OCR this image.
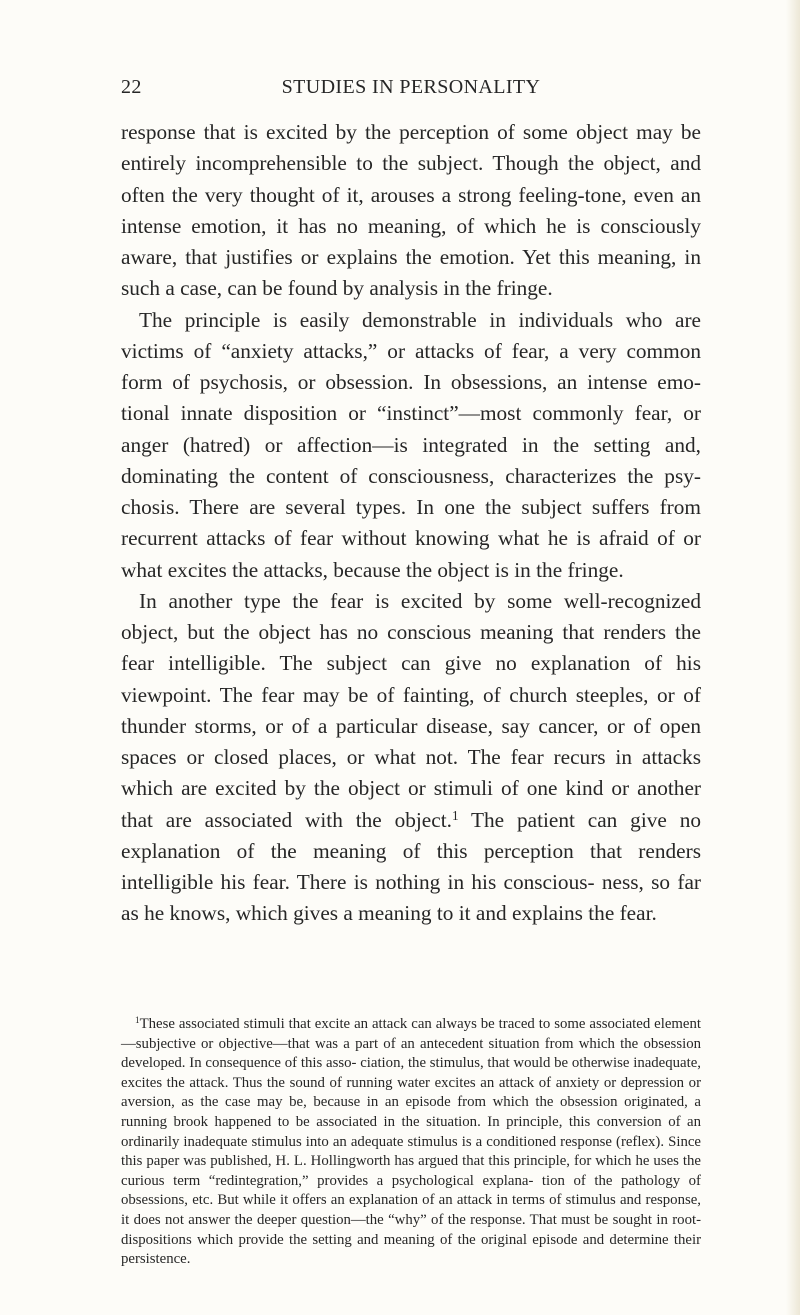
22	STUDIES IN PERSONALITY

response that is excited by the perception of some object may be entirely incomprehensible to the subject. Though the object, and often the very thought of it, arouses a strong feeling-tone, even an intense emotion, it has no meaning, of which he is consciously aware, that justifies or explains the emotion. Yet this meaning, in such a case, can be found by analysis in the fringe.

The principle is easily demonstrable in individuals who are victims of “anxiety attacks,” or attacks of fear, a very common form of psychosis, or obsession. In obsessions, an intense emo- tional innate disposition or “instinct”—most commonly fear, or anger (hatred) or affection—is integrated in the setting and, dominating the content of consciousness, characterizes the psy- chosis. There are several types. In one the subject suffers from recurrent attacks of fear without knowing what he is afraid of or what excites the attacks, because the object is in the fringe.

In another type the fear is excited by some well-recognized object, but the object has no conscious meaning that renders the fear intelligible. The subject can give no explanation of his viewpoint. The fear may be of fainting, of church steeples, or of thunder storms, or of a particular disease, say cancer, or of open spaces or closed places, or what not. The fear recurs in attacks which are excited by the object or stimuli of one kind or another that are associated with the object.$^1$ The patient can give no explanation of the meaning of this perception that renders intelligible his fear. There is nothing in his conscious- ness, so far as he knows, which gives a meaning to it and explains the fear.

$^1$These associated stimuli that excite an attack can always be traced to some associated element—subjective or objective—that was a part of an antecedent situation from which the obsession developed. In consequence of this asso- ciation, the stimulus, that would be otherwise inadequate, excites the attack. Thus the sound of running water excites an attack of anxiety or depression or aversion, as the case may be, because in an episode from which the obsession originated, a running brook happened to be associated in the situation. In principle, this conversion of an ordinarily inadequate stimulus into an adequate stimulus is a conditioned response (reflex). Since this paper was published, H. L. Hollingworth has argued that this principle, for which he uses the curious term “redintegration,” provides a psychological explana- tion of the pathology of obsessions, etc. But while it offers an explanation of an attack in terms of stimulus and response, it does not answer the deeper question—the “why” of the response. That must be sought in root-dispositions which provide the setting and meaning of the original episode and determine their persistence.
